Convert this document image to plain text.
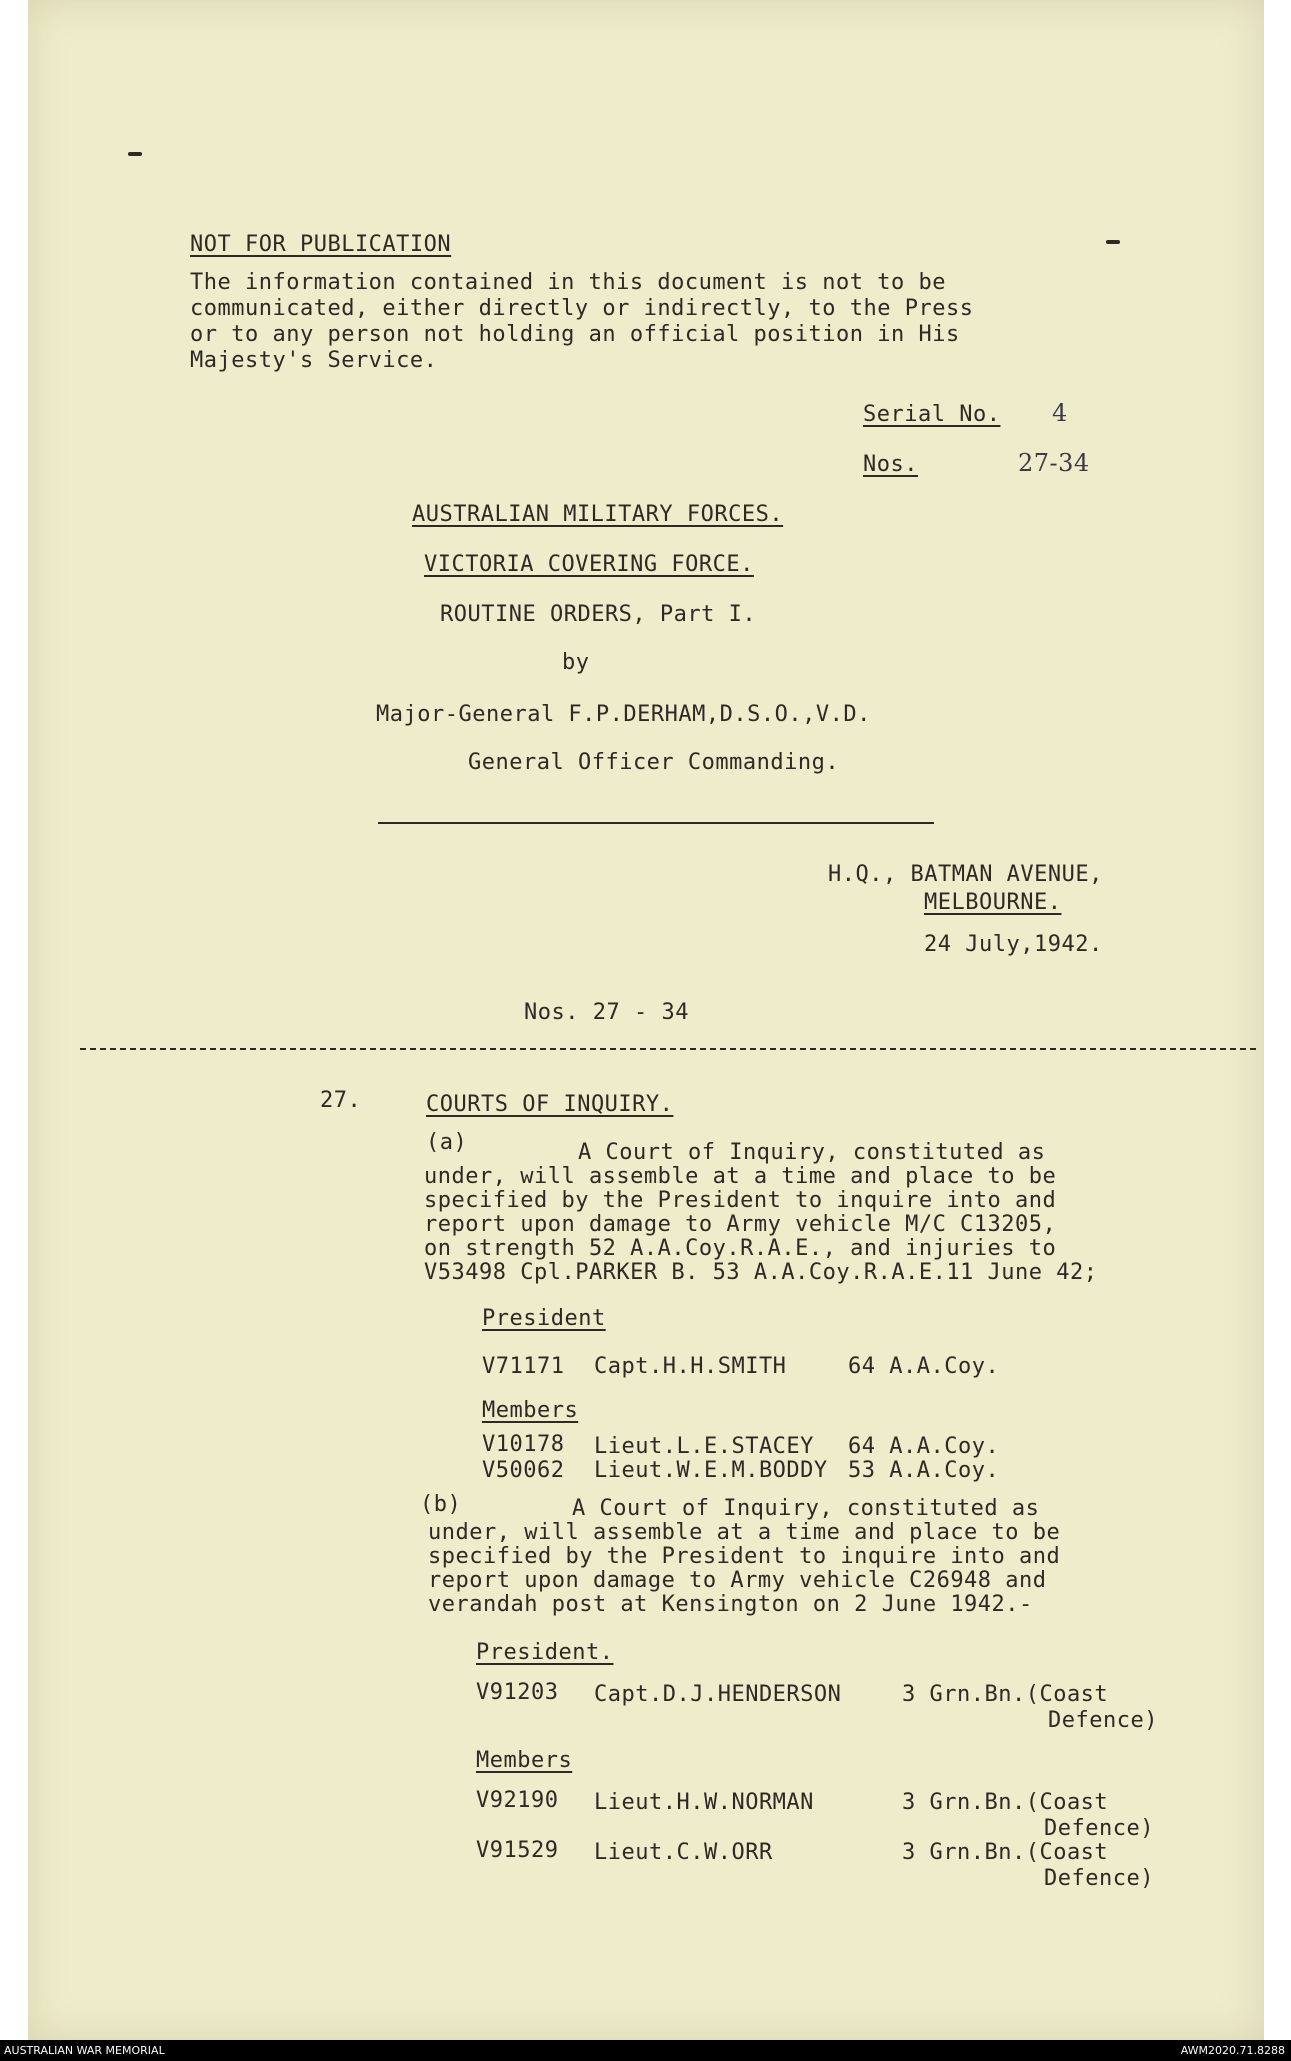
NOT FOR PUBLICATION
The information contained in this document is not to be
communicated, either directly or indirectly, to the Press
or to any person not holding an official position in His
Majesty's Service.
Serial No. 4
Nos.	27-34
AUSTRALIAN MILITARY FORCES.
VICTORIA COVERING FORCE.
ROUTINE ORDERS, Part I.
by
Major-General F.P.DERHAM,D.S.O.,V.D.
General Officer Commanding.
H.Q., BATMAN AVENUE,
MELBOURNE.
24 July,1942.
Nos. 27 - 34
27.	COURTS OF INQUIRY.
(a)	A Court of Inquiry, constituted as
under, will assemble at a time and place to be
specified by the President to inquire into and
report upon damage to Army vehicle M/C C13205,
on strength 52 A.A.Coy.R.A.E., and injuries to
V53498 Cpl.PARKER B. 53 A.A.Coy.R.A.E.11 June 42;
President
V71171 Capt.H.H.SMITH	64 A.A.Coy.
Members
V10178 Lieut.L.E.STACEY 64 A.A.Coy.
V50062 Lieut.W.E.M.BODDY 53 A.A.Coy.
(b)	A Court of Inquiry, constituted as
under, will assemble at a time and place to be
specified by the President to inquire into and
report upon damage to Army vehicle C26948 and
verandah post at Kensington on 2 June 1942.-
President.
V91203 Capt.D.J.HENDERSON	3 Grn.Bn.(Coast
Defence)
Members
V92190 Lieut.H.W.NORMAN	3 Grn.Bn.(Coast
Defence)
V91529 Lieut.C.W.ORR	3 Grn.Bn.(Coast
Defence)
AUSTRALIAN WAR MEMORIAL	AWM2020.71.8288
